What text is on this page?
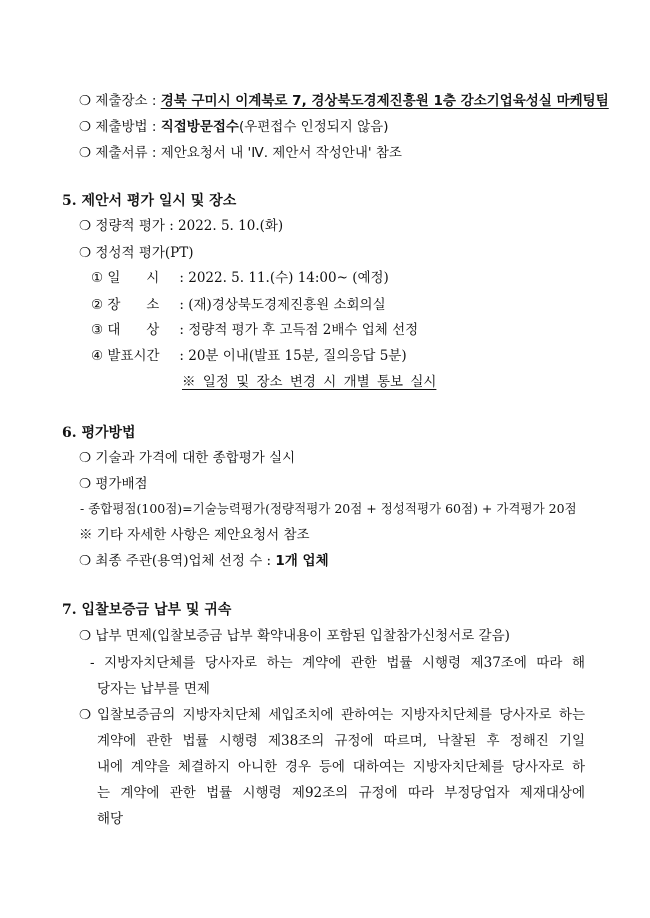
❍ 제출장소 : 경북 구미시 이계북로 7, 경상북도경제진흥원 1층 강소기업육성실 마케팅팀
❍ 제출방법 : 직접방문접수(우편접수 인정되지 않음)
❍ 제출서류 : 제안요청서 내 'Ⅳ. 제안서 작성안내' 참조
5. 제안서 평가 일시 및 장소
❍ 정량적 평가 : 2022. 5. 10.(화)
❍ 정성적 평가(PT)
① 일      시 : 2022. 5. 11.(수) 14:00~ (예정)
② 장      소 : (재)경상북도경제진흥원 소회의실
③ 대      상 : 정량적 평가 후 고득점 2배수 업체 선정
④ 발표시간 : 20분 이내(발표 15분, 질의응답 5분)
※ 일정 및 장소 변경 시 개별 통보 실시
6. 평가방법
❍ 기술과 가격에 대한 종합평가 실시
❍ 평가배점
- 종합평점(100점)=기술능력평가(정량적평가 20점 + 정성적평가 60점) + 가격평가 20점
※ 기타 자세한 사항은 제안요청서 참조
❍ 최종 주관(용역)업체 선정 수 : 1개 업체
7. 입찰보증금 납부 및 귀속
❍ 납부 면제(입찰보증금 납부 확약내용이 포함된 입찰참가신청서로 갈음)
- 지방자치단체를 당사자로 하는 계약에 관한 법률 시행령 제37조에 따라 해
당자는 납부를 면제
❍ 입찰보증금의 지방자치단체 세입조치에 관하여는 지방자치단체를 당사자로 하는
계약에 관한 법률 시행령 제38조의 규정에 따르며, 낙찰된 후 정해진 기일
내에 계약을 체결하지 아니한 경우 등에 대하여는 지방자치단체를 당사자로 하
는 계약에 관한 법률 시행령 제92조의 규정에 따라 부정당업자 제재대상에
해당
